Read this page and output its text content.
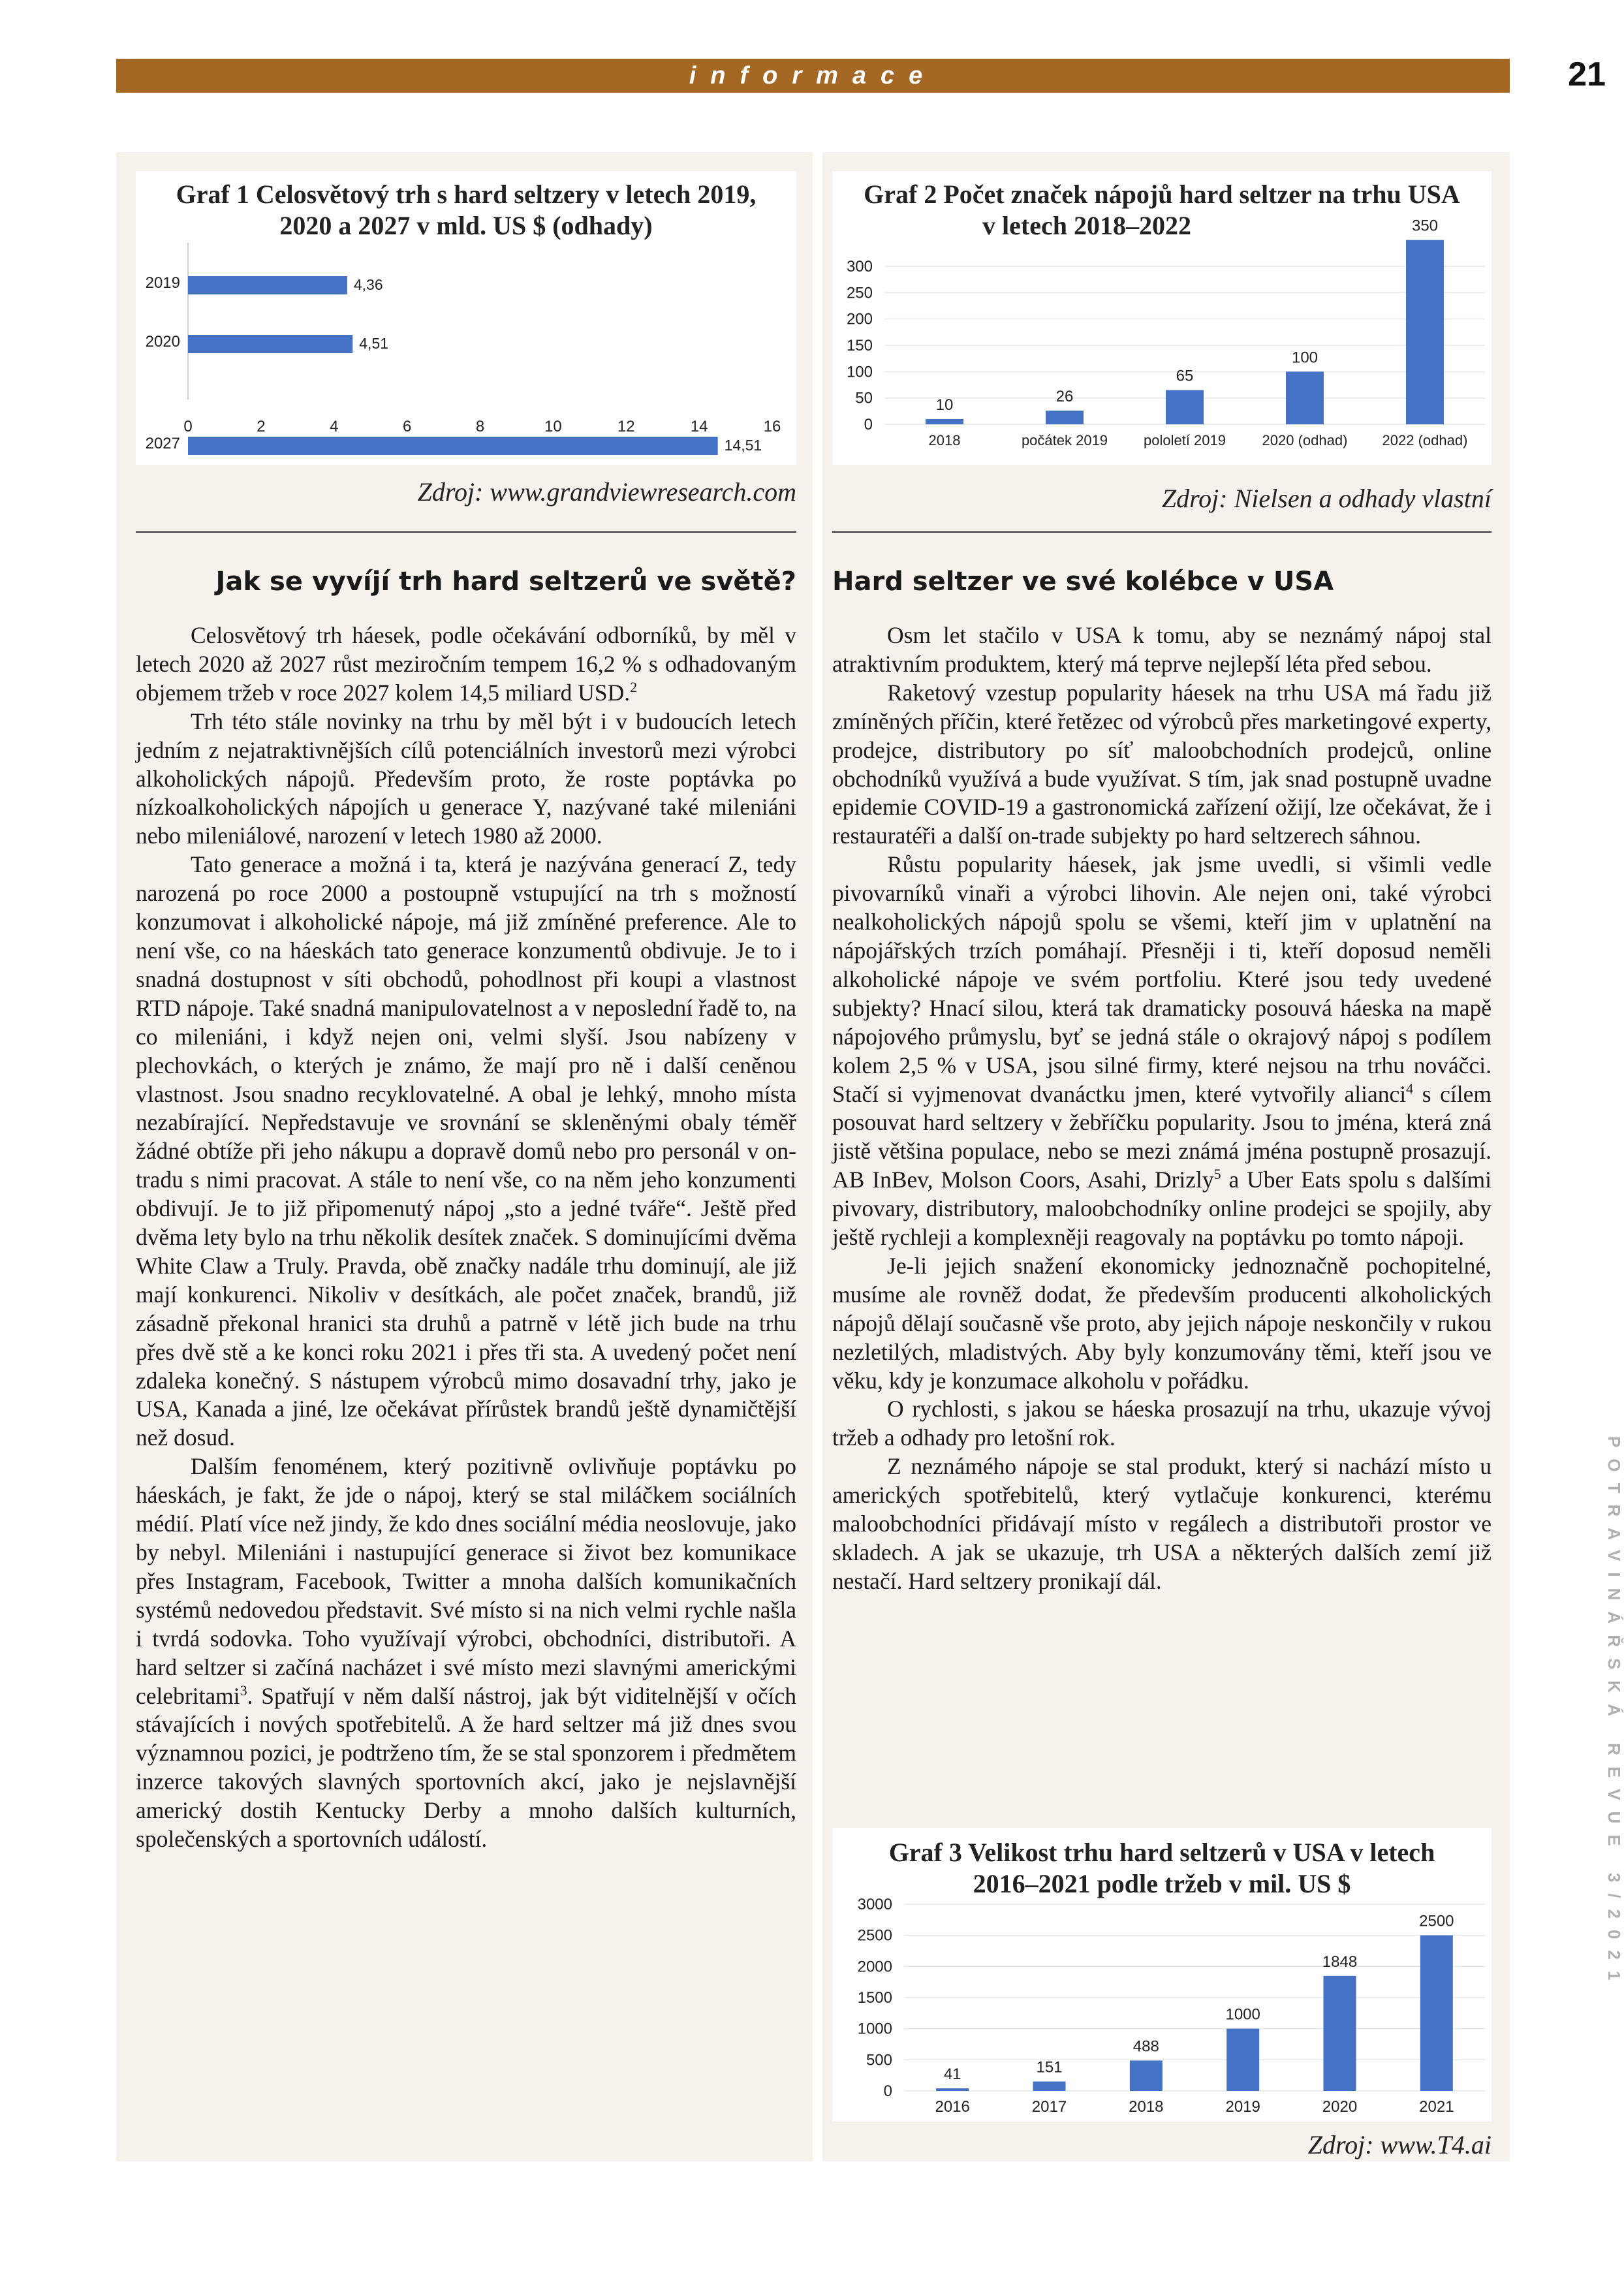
informace	21
Graf 1 Celosvětový trh s hard seltzery v letech 2019,
2020 a 2027 v mld. US $ (odhady)
2019	4,36
2020	4,51
2027	14,51
0	2	4	6	8	10	12	14	16
Zdroj: www.grandviewresearch.com
Graf 2 Počet značek nápojů hard seltzer na trhu USA
v letech 2018–2022
0
50
100
150
200
250
300
10
2018
26
počátek 2019
65
pololetí 2019
100
2020 (odhad)
350
2022 (odhad)
Zdroj: Nielsen a odhady vlastní
Jak se vyvíjí trh hard seltzerů ve světě?

Celosvětový trh háesek, podle očekávání odborníků, by měl v letech 2020 až 2027 růst meziročním tempem 16,2 % s odhadovaným objemem tržeb v roce 2027 kolem 14,5 miliard USD.$^2$

Trh této stále novinky na trhu by měl být i v budoucích letech jedním z nejatraktivnějších cílů potenciálních investorů mezi výrobci alkoholických nápojů. Především proto, že roste poptávka po nízkoalkoholických nápojích u generace Y, nazývané také mileniáni nebo mileniálové, narození v letech 1980 až 2000.

Tato generace a možná i ta, která je nazývána generací Z, tedy narozená po roce 2000 a postoupně vstupující na trh s možností konzumovat i alkoholické nápoje, má již zmíněné preference. Ale to není vše, co na háeskách tato generace konzumentů obdivuje. Je to i snadná dostupnost v síti obchodů, pohodlnost při koupi a vlastnost RTD nápoje. Také snadná manipulovatelnost a v neposlední řadě to, na co mileniáni, i když nejen oni, velmi slyší. Jsou nabízeny v plechovkách, o kterých je známo, že mají pro ně i další ceněnou vlastnost. Jsou snadno recyklovatelné. A obal je lehký, mnoho místa nezabírající. Nepředstavuje ve srovnání se skleněnými obaly téměř žádné obtíže při jeho nákupu a dopravě domů nebo pro personál v on-tradu s nimi pracovat. A stále to není vše, co na něm jeho konzumenti obdivují. Je to již připomenutý nápoj „sto a jedné tváře“. Ještě před dvěma lety bylo na trhu několik desítek značek. S dominujícími dvěma White Claw a Truly. Pravda, obě značky nadále trhu dominují, ale již mají konkurenci. Nikoliv v desítkách, ale počet značek, brandů, již zásadně překonal hranici sta druhů a patrně v létě jich bude na trhu přes dvě stě a ke konci roku 2021 i přes tři sta. A uvedený počet není zdaleka konečný. S nástupem výrobců mimo dosavadní trhy, jako je USA, Kanada a jiné, lze očekávat přírůstek brandů ještě dynamičtější než dosud.

Dalším fenoménem, který pozitivně ovlivňuje poptávku po háeskách, je fakt, že jde o nápoj, který se stal miláčkem sociálních médií. Platí více než jindy, že kdo dnes sociální média neoslovuje, jako by nebyl. Mileniáni i nastupující generace si život bez komunikace přes Instagram, Facebook, Twitter a mnoha dalších komunikačních systémů nedovedou představit. Své místo si na nich velmi rychle našla i tvrdá sodovka. Toho využívají výrobci, obchodníci, distributoři. A hard seltzer si začíná nacházet i své místo mezi slavnými americkými celebritami$^3$. Spatřují v něm další nástroj, jak být viditelnější v očích stávajících i nových spotřebitelů. A že hard seltzer má již dnes svou významnou pozici, je podtrženo tím, že se stal sponzorem i předmětem inzerce takových slavných sportovních akcí, jako je nejslavnější americký dostih Kentucky Derby a mnoho dalších kulturních, společenských a sportovních událostí.

Hard seltzer ve své kolébce v USA

Osm let stačilo v USA k tomu, aby se neznámý nápoj stal atraktivním produktem, který má teprve nejlepší léta před sebou.

Raketový vzestup popularity háesek na trhu USA má řadu již zmíněných příčin, které řetězec od výrobců přes marketingové experty, prodejce, distributory po síť maloobchodních prodejců, online obchodníků využívá a bude využívat. S tím, jak snad postupně uvadne epidemie COVID-19 a gastronomická zařízení ožijí, lze očekávat, že i restauratéři a další on-trade subjekty po hard seltzerech sáhnou.

Růstu popularity háesek, jak jsme uvedli, si všimli vedle pivovarníků vinaři a výrobci lihovin. Ale nejen oni, také výrobci nealkoholických nápojů spolu se všemi, kteří jim v uplatnění na nápojářských trzích pomáhají. Přesněji i ti, kteří doposud neměli alkoholické nápoje ve svém portfoliu. Které jsou tedy uvedené subjekty? Hnací silou, která tak dramaticky posouvá háeska na mapě nápojového průmyslu, byť se jedná stále o okrajový nápoj s podílem kolem 2,5 % v USA, jsou silné firmy, které nejsou na trhu nováčci. Stačí si vyjmenovat dvanáctku jmen, které vytvořily alianci$^4$ s cílem posouvat hard seltzery v žebříčku popularity. Jsou to jména, která zná jistě většina populace, nebo se mezi známá jména postupně prosazují. AB InBev, Molson Coors, Asahi, Drizly$^5$ a Uber Eats spolu s dalšími pivovary, distributory, maloobchodníky online prodejci se spojily, aby ještě rychleji a komplexněji reagovaly na poptávku po tomto nápoji.

Je-li jejich snažení ekonomicky jednoznačně pochopitelné, musíme ale rovněž dodat, že především producenti alkoholických nápojů dělají současně vše proto, aby jejich nápoje neskončily v rukou nezletilých, mladistvých. Aby byly konzumovány těmi, kteří jsou ve věku, kdy je konzumace alkoholu v pořádku.

O rychlosti, s jakou se háeska prosazují na trhu, ukazuje vývoj tržeb a odhady pro letošní rok.

Z neznámého nápoje se stal produkt, který si nachází místo u amerických spotřebitelů, který vytlačuje konkurenci, kterému maloobchodníci přidávají místo v regálech a distributoři prostor ve skladech. A jak se ukazuje, trh USA a některých dalších zemí již nestačí. Hard seltzery pronikají dál.

Graf 3 Velikost trhu hard seltzerů v USA v letech
2016–2021 podle tržeb v mil. US $
0
500
1000
1500
2000
2500
3000
41
2016
151
2017
488
2018
1000
2019
1848
2020
2500
2021
Zdroj: www.T4.ai
POTRAVINÁŘSKÁ REVUE 3/2021
